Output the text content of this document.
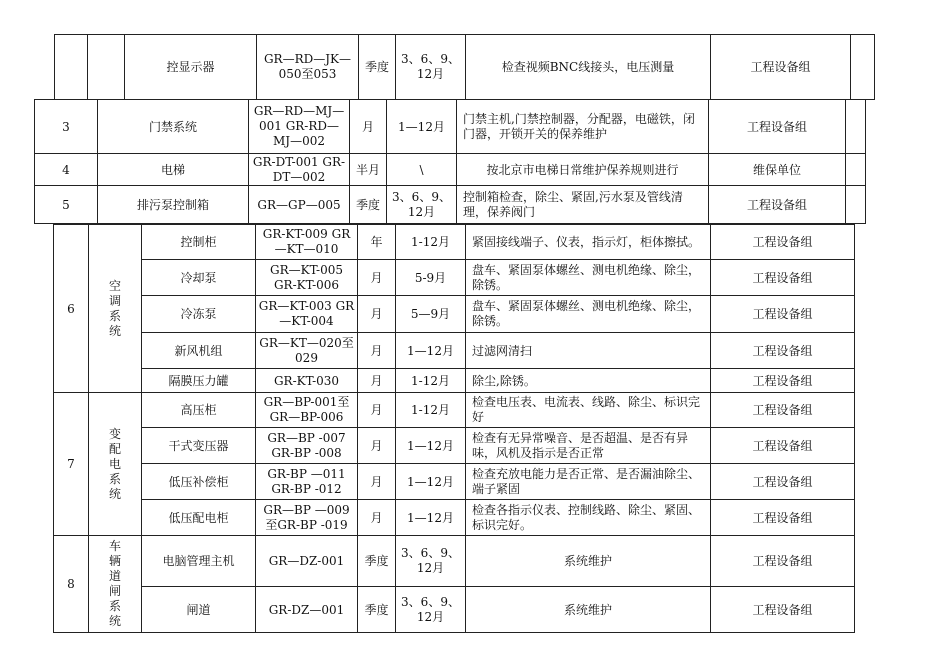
		控显示器	GR—RD—JK—050至053	季度	3、6、9、12月	检查视频BNC线接头，电压测量	工程设备组	
3	门禁系统	GR—RD—MJ—001 GR-RD—MJ—002	月	1—12月	门禁主机,门禁控制器，分配器，电磁铁，闭门器，开锁开关的保养维护	工程设备组	
4	电梯	GR-DT-001 GR-DT—002	半月	\	按北京市电梯日常维护保养规则进行	维保单位	
5	排污泵控制箱	GR—GP—005	季度	3、6、9、12月	控制箱检查，除尘、紧固,污水泵及管线清理，保养阀门	工程设备组	
6	空调系统	控制柜	GR-KT-009 GR—KT—010	年	1-12月	紧固接线端子、仪表，指示灯，柜体擦拭。	工程设备组
		冷却泵	GR—KT-005 GR-KT-006	月	5-9月	盘车、紧固泵体螺丝、测电机绝缘、除尘，除锈。	工程设备组
		冷冻泵	GR—KT-003 GR—KT-004	月	5—9月	盘车、紧固泵体螺丝、测电机绝缘、除尘，除锈。	工程设备组
		新风机组	GR—KT—020至029	月	1—12月	过滤网清扫	工程设备组
		隔膜压力罐	GR-KT-030	月	1-12月	除尘,除锈。	工程设备组
7	变配电系统	高压柜	GR—BP-001至GR—BP-006	月	1-12月	检查电压表、电流表、线路、除尘、标识完好	工程设备组
		干式变压器	GR—BP -007 GR-BP -008	月	1—12月	检查有无异常噪音、是否超温、是否有异味，风机及指示是否正常	工程设备组
		低压补偿柜	GR-BP —011 GR-BP -012	月	1—12月	检查充放电能力是否正常、是否漏油除尘、端子紧固	工程设备组
		低压配电柜	GR—BP —009至GR-BP -019	月	1—12月	检查各指示仪表、控制线路、除尘、紧固、标识完好。	工程设备组
8	车辆道闸系统	电脑管理主机	GR—DZ-001	季度	3、6、9、12月	系统维护	工程设备组
		闸道	GR-DZ—001	季度	3、6、9、12月	系统维护	工程设备组
